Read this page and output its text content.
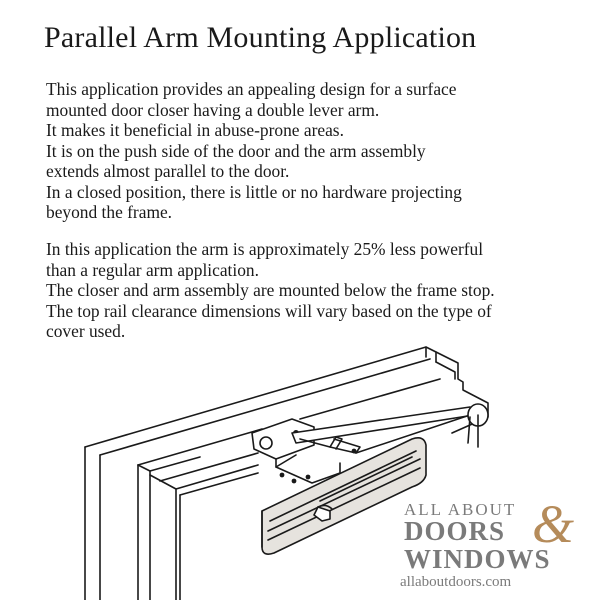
Parallel Arm Mounting Application
This application provides an appealing design for a surface
mounted door closer having a double lever arm.
It makes it beneficial in abuse-prone areas.
It is on the push side of the door and the arm assembly
extends almost parallel to the door.
In a closed position, there is little or no hardware projecting
beyond the frame.
In this application the arm is approximately 25% less powerful
than a regular arm application.
The closer and arm assembly are mounted below the frame stop.
The top rail clearance dimensions will vary based on the type of
cover used.
ALL ABOUT
DOORS &
WINDOWS
allaboutdoors.com
